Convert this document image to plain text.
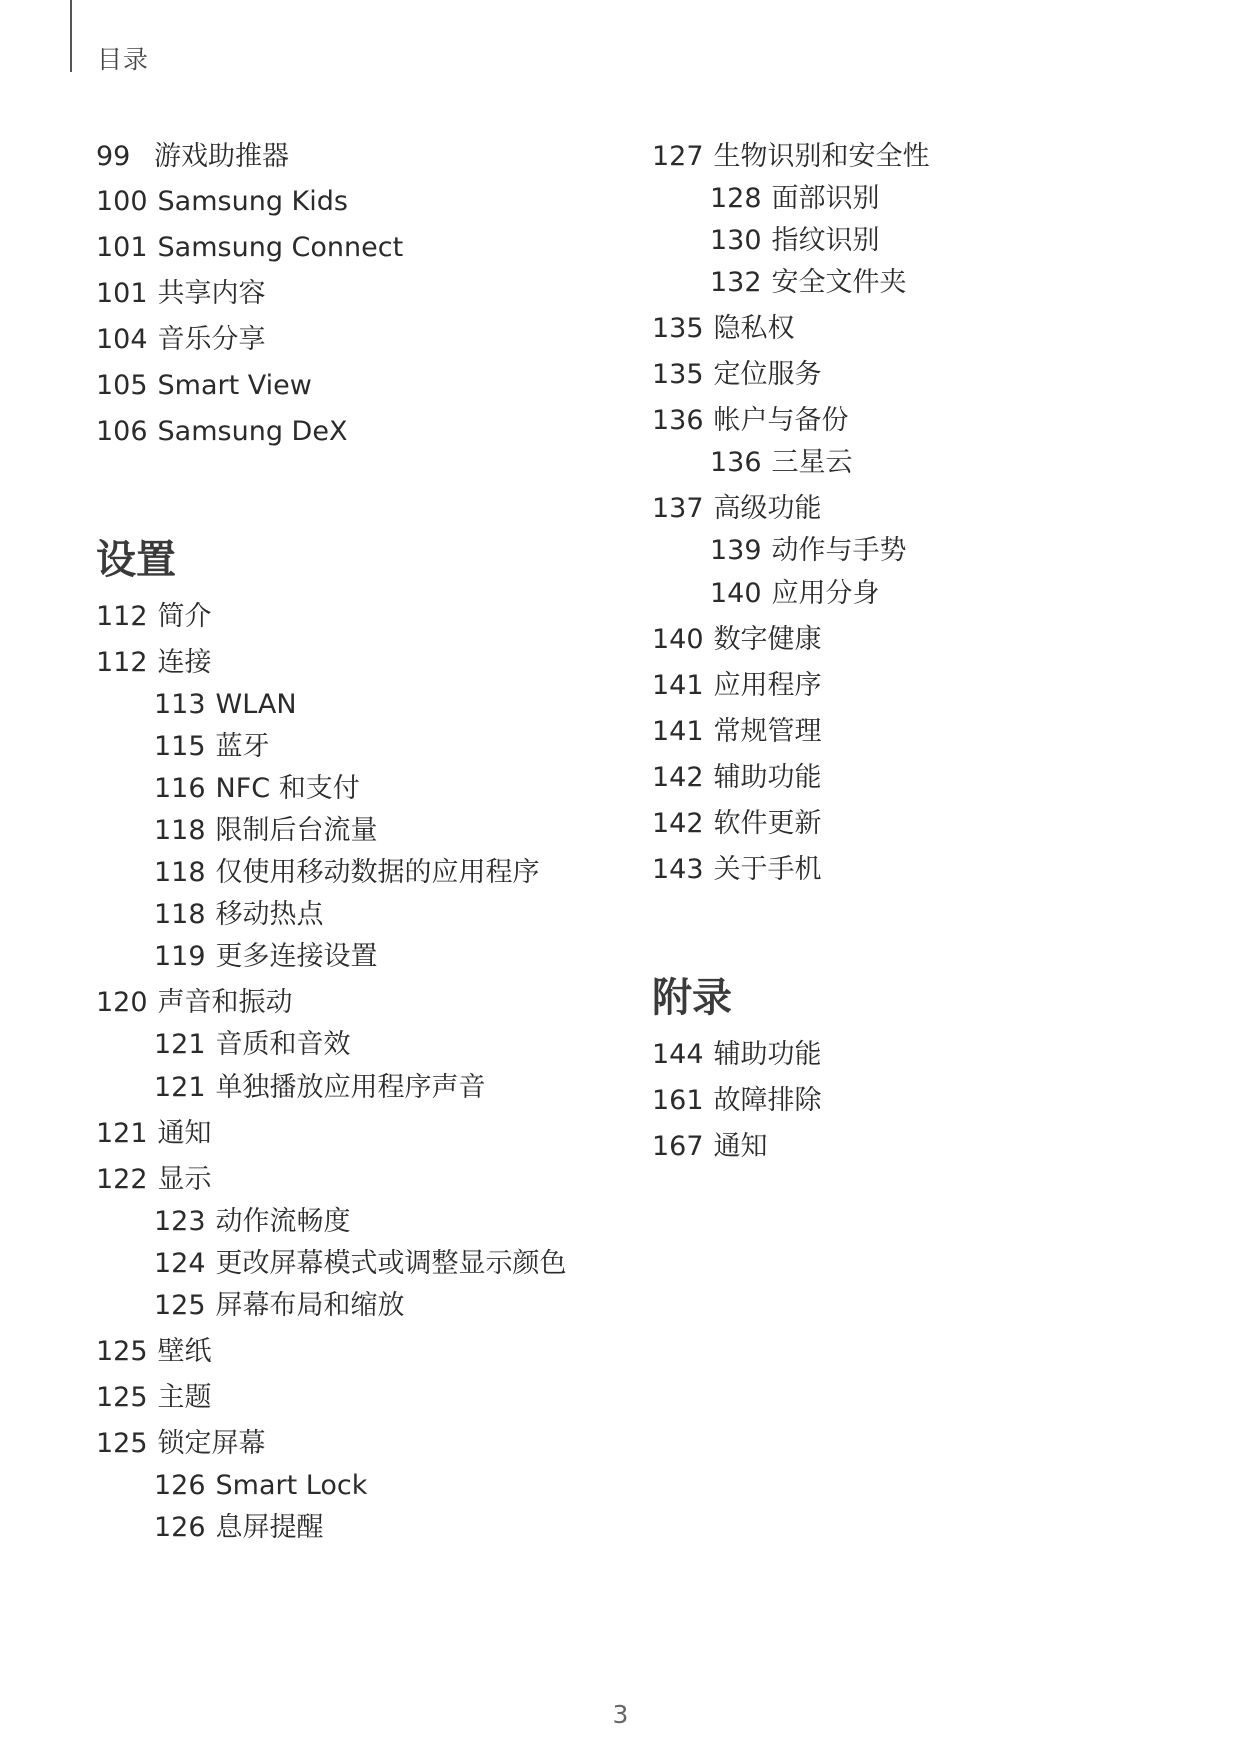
目录
99 游戏助推器
100 Samsung Kids
101 Samsung Connect
101 共享内容
104 音乐分享
105 Smart View
106 Samsung DeX
设置
112 简介
112 连接
113 WLAN
115 蓝牙
116 NFC 和支付
118 限制后台流量
118 仅使用移动数据的应用程序
118 移动热点
119 更多连接设置
120 声音和振动
121 音质和音效
121 单独播放应用程序声音
121 通知
122 显示
123 动作流畅度
124 更改屏幕模式或调整显示颜色
125 屏幕布局和缩放
125 壁纸
125 主题
125 锁定屏幕
126 Smart Lock
126 息屏提醒
127 生物识别和安全性
128 面部识别
130 指纹识别
132 安全文件夹
135 隐私权
135 定位服务
136 帐户与备份
136 三星云
137 高级功能
139 动作与手势
140 应用分身
140 数字健康
141 应用程序
141 常规管理
142 辅助功能
142 软件更新
143 关于手机
附录
144 辅助功能
161 故障排除
167 通知
3
